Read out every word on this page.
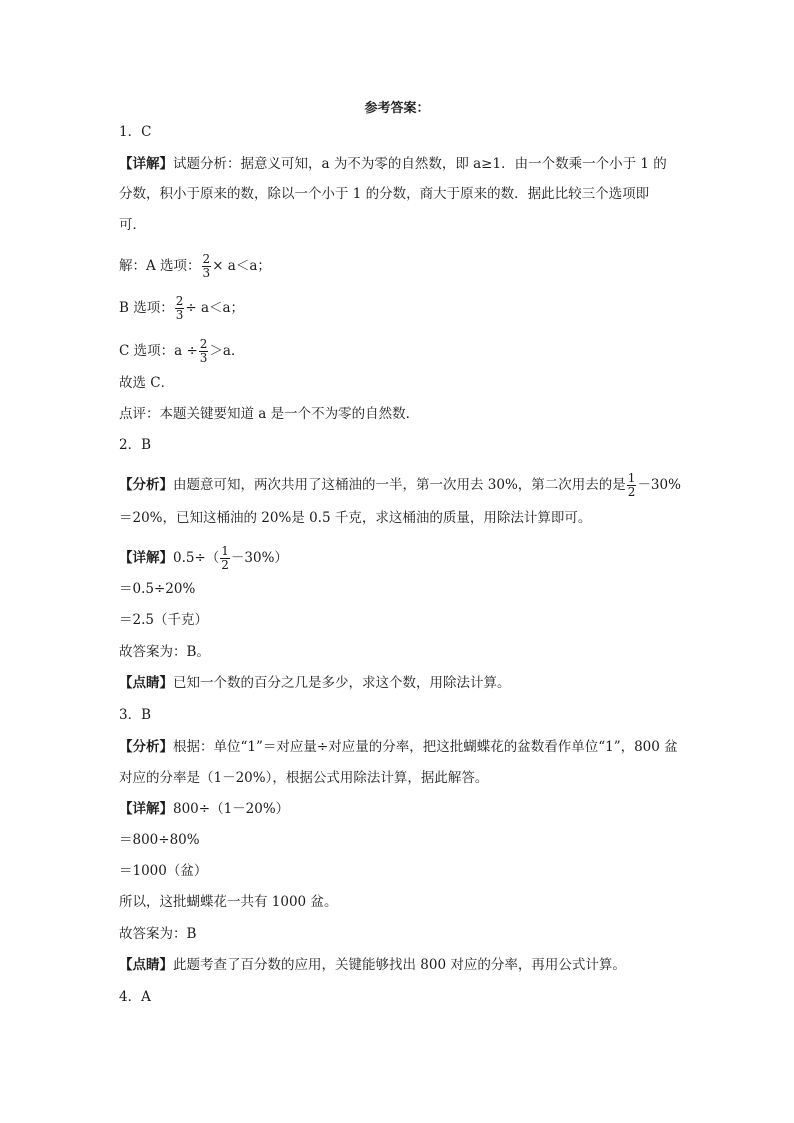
参考答案：
1．C
【详解】试题分析：据意义可知，a 为不为零的自然数，即 a≥1．由一个数乘一个小于 1 的
分数，积小于原来的数，除以一个小于 1 的分数，商大于原来的数．据此比较三个选项即
可．
解：A 选项： $\frac{2}{3} \times a<a$；
B 选项： $\frac{2}{3} \div a<a$；
C 选项：$a \div \frac{2}{3} >a$．
故选 C．
点评：本题关键要知道 a 是一个不为零的自然数．
2．B
【分析】由题意可知，两次共用了这桶油的一半，第一次用去 30%，第二次用去的是 $\frac{1}{2} -30\%$
＝20%，已知这桶油的 20%是 0.5 千克，求这桶油的质量，用除法计算即可。
【详解】$0.5\div( \frac{1}{2} -30\%)$
＝0.5÷20%
＝2.5（千克）
故答案为：B。
【点睛】已知一个数的百分之几是多少，求这个数，用除法计算。
3．B
【分析】根据：单位“1”＝对应量÷对应量的分率，把这批蝴蝶花的盆数看作单位“1”，800 盆
对应的分率是（1－20%），根据公式用除法计算，据此解答。
【详解】800÷（1－20%）
＝800÷80%
＝1000（盆）
所以，这批蝴蝶花一共有 1000 盆。
故答案为：B
【点睛】此题考查了百分数的应用，关键能够找出 800 对应的分率，再用公式计算。
4．A
